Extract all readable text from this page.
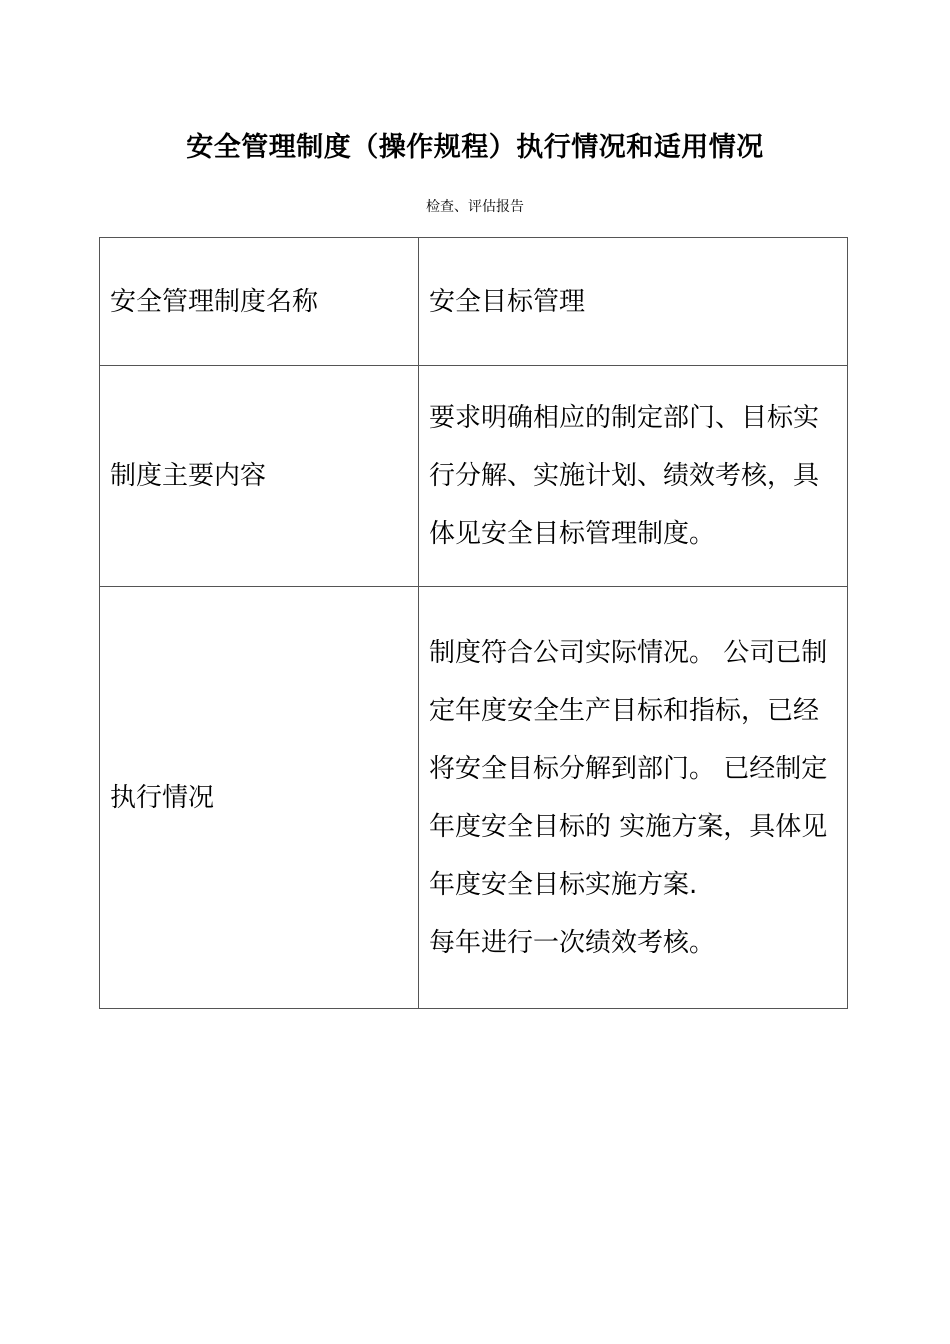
安全管理制度（操作规程）执行情况和适用情况
检查、评估报告
安全管理制度名称	安全目标管理

制度主要内容	要求明确相应的制定部门、目标实行分解、实施计划、绩效考核，具体见安全目标管理制度。

执行情况	制度符合公司实际情况。 公司已制定年度安全生产目标和指标，已经将安全目标分解到部门。 已经制定年度安全目标的 实施方案，具体见年度安全目标实施方案.
每年进行一次绩效考核。
